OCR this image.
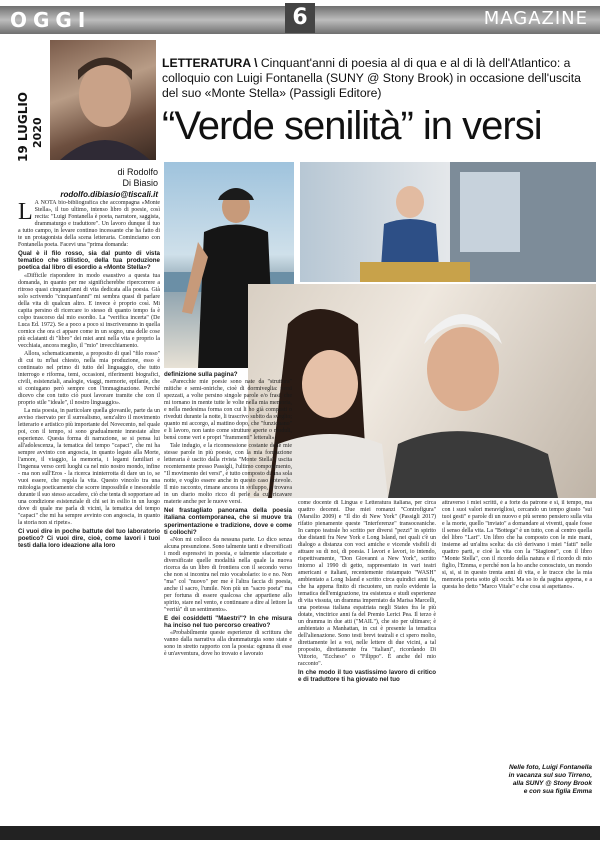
OGGI	6	MAGAZINE
19 LUGLIO 2020
LETTERATURA \ Cinquant'anni di poesia al di qua e al di là dell'Atlantico: a colloquio con Luigi Fontanella (SUNY @ Stony Brook) in occasione dell'uscita del suo «Monte Stella» (Passigli Editore)
“Verde senilità” in versi
di Rodolfo
Di Biasio
rodolfo.dibiasio@tiscali.it

L A NOTA bio-bibliografica che accompagna «Monte Stella», il tuo ultimo, intenso libro di poesie, così recita: "Luigi Fontanella è poeta, narratore, saggista, drammaturgo e traduttore". Un lavoro dunque il tuo a tutto campo, in levare continuo incessante che ha fatto di te un protagonista della scena letteraria. Cominciamo con Fontanella poeta. Facevi una "prima domanda:

Qual è il filo rosso, sia dal punto di vista tematico che stilistico, della tua produzione poetica dal libro di esordio a «Monte Stella»?

«Difficile rispondere in modo esaustivo a questa tua domanda, in quanto per me significherebbe ripercorrere a ritroso quasi cinquant'anni di vita dedicata alla poesia. Già solo scrivendo "cinquant'anni" mi sembra quasi di parlare della vita di qualcun altro. E invece è proprio così. Mi capita persino di ricercare io stesso di quanto tempo fa è colpo trascorso dal mio esordio. La "verifica incerta" (De Luca Ed. 1972). Se a poco a poco si inscriveranno in quella cornice che ora ci appare come in un sogno, una delle cose più eclatanti di "libro" dei miei anni nella vita e proprio la vecchiaia, ancora meglio, il "mio" invecchiamento.

Allora, schematicamente, a proposito di quel "filo rosso" di cui tu m'hai chiesto, nella mia produzione, esso è continuato nel primo di tutto del linguaggio, che tutto interrogo e riforma, temi, occasioni, riferimenti biografici, civili, esistenziali, analogie, viaggi, memorie, epifanie, che si coniugano però sempre con l'immaginazione. Perché dicevo che con tutto ciò puoi lavorare tramite che con il proprio stile "ideale", il nostro linguaggio».

La mia poesia, in particolare quella giovanile, parte da un avviso riservato per il surrealismo, senz'altro il movimento letterario e artistico più importante del Novecento, nel quale poi, con il tempo, si sono gradualmente innestate altre esperienze. Questa forma di narrazione, se si pensa lui all'adolescenza, la tematica del tempo "capaci", che mi ha sempre avvinto con angoscia, in quanto legato alla Morte, l'amore, il viaggio, la memoria, i legami familiari e l'ingenua verso certi luoghi ca nel mio nostro mondo, infine - ma non sull'Eros - la ricerca ininterrotta di dare un io, se vuoi essere, che regola la vita. Questo vincolo tra una mitologia poeticamente che scorre impossibile e inesorabile durante il suo stesso accadere, ciò che tenta di sopportare ad una condizione esistenziale di chi sei in esilio in un luogo dove di quale me parla di vicini, la tematica del tempo "capaci" che mi ha sempre avvinto con angoscia, in quanto la storia non si ripete».

Ci vuoi dire in poche battute del tuo laboratorio poetico? Ci vuoi dire, cioè, come lavori i tuoi testi dalla loro ideazione alla loro

definizione sulla pagina?

«Parecchie mie poesie sono nate da "struttura" mitiche e semi-oniriche, cioè di dormiveglia: versi spezzati, a volte persino singole parole e/o frasi, che mi tornano in mente tutte le volte nella mia memoria, e nella medesima forma con cui li ho già composti o riveduti durante la notte, li trascrivo subito da sveglio; quanto mi accorgo, al mattino dopo, che "funzionano" e li lavoro, non tanto come strutture aperte o moduli, bensì come veri e propri "frammenti" letterali».

Tale indugio, e la riconnessione costante delle mie stesse parole in più poesie, con la mia formazione letteraria è uscito dalla rivista "Monte Stella", uscita recentemente presso Passigli, l'ultimo componimento, "Il movimento dei versi", è tutto composto di una sola notte, e voglio essere anche in questo caso notevole. Il mio racconto, rimane ancora in sviluppo, e trovava in un diario molto ricco di perle da cui ricavare materie anche per le nuove versi.

Nel frastagliato panorama della poesia italiana contemporanea, che si muove tra sperimentazione e tradizione, dove e come ti collochi?

«Non mi colloco da nessuna parte. Lo dico senza alcuna presunzione. Sono talmente tanti e diversificati i modi espressivi in poesia, e talmente sfaccettate e diversificate quelle modalità nella quale la nuova ricerca da un libro di frontiera con il secondo verso che non si incontra nel mio vocabolario: io e no. Non "ma" col "nuovo" per me è l'altra faccia di poesia, anche il sacro, l'umile. Non più un "sacro poeta" ma per fortuna di essere qualcosa che appartiene allo spirito, stare nel vento, e continuare a dire al lettore la "verità" di un sentimento».

E dei cosiddetti "Maestri"? In che misura ha inciso nel tuo percorso creativo?

«Probabilmente queste esperienze di scrittura che vanno dalla narrativa alla drammaturgia sono state e sono in stretto rapporto con la poesia: ognuna di esse è un'avventura, dove ho trovato e lavorato

come docente di Lingua e Letteratura italiana, per circa quattro decenni. Due miei romanzi "Controfigura" (Marsilio 2009) e "Il dio di New York" (Passigli 2017) rifatto pienamente queste "Interferenze" transoceaniche. In campo teatrale ho scritto per diversi "pezzi" in spirito due distanti fra New York e Long Island, nei quali c'è un dialogo a distanza con voci amiche e vicende visibili di attuare su di noi, di poesia. I lavori e lavori, io intendo, rispettivamente, "Don Giovanni a New York", scritto intorno al 1990 di getto, rappresentato in vari teatri americani e italiani, recentemente ristampato "WASH" ambientato a Long Island e scritto circa quindici anni fa, che ha appena finito di riscuotere, un ruolo evidente la tematica dell'emigrazione, tra esistenza e studi esperienze di vita vissuta, un dramma imperniato da Marisa Marcelli, una poetessa italiana espatriata negli States fra le più dotate, vincitrice anni fa del Premio Lerici Pea. Il terzo è un dramma in due atti ("MAIL"), che sto per ultimare; è ambientato a Manhattan, in cui è presente la tematica dell'alienazione. Sono testi brevi teatrali e ci spero molto, direttamente lei a voi, nelle lettere di due vicini, a tal proposito, direttamente fra "italiani", ricordando Di Vittorio, "Eccheso" o "Filippo". È anche del mio racconto".

In che modo il tuo vastissimo lavoro di critico e di traduttore ti ha giovato nel tuo

attraverso i miei scritti, è a forte da patrone e si, il tempo, ma con i suoi valori meravigliosi, cercando un tempo giusto "sui tuoi gesti" e parole di un nuovo e più sereno pensiero sulla vita e la morte, quello "inviato" a domandare ai viventi, quale fosse il senso della vita. La "Bottega" è un tutto, con al centro quella del libro "Lart". Un libro che ha composto con le mie mani, insieme ad un'altra scelta: da ciò derivano i miei "fatti" nelle quattro parti, e cioè la vita con la "Stagione", con il libro "Monte Stella", con il ricordo della natura e il ricordo di mio figlio, l'Emma, e perché non la ho anche conosciuto, un mondo si, si, si in questo trenta anni di vita, e le tracce che la mia memoria porta sotto gli occhi. Ma so io da pagina appena, e a questa ho detto "Marco Vitale" e che cosa si aspettano».

Nelle foto, Luigi Fontanella
in vacanza sul suo Tirreno,
alla SUNY @ Stony Brook
e con sua figlia Emma
